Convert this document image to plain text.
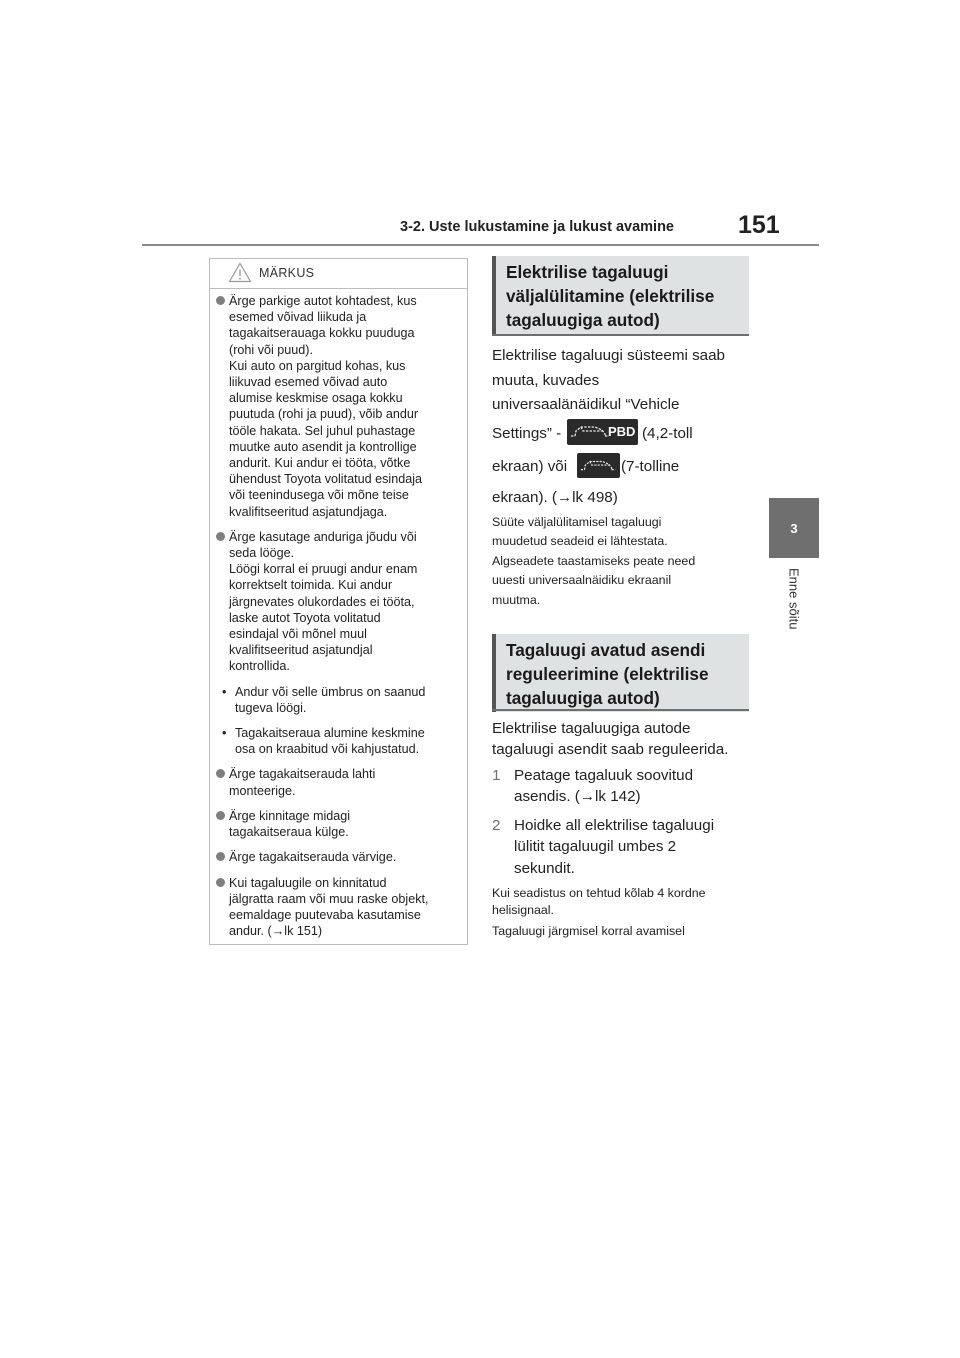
3-2. Uste lukustamine ja lukust avamine	151
3
Enne sõitu
MÄRKUS
Ärge parkige autot kohtadest, kus
esemed võivad liikuda ja
tagakaitserauaga kokku puuduga
(rohi või puud).
Kui auto on pargitud kohas, kus
liikuvad esemed võivad auto
alumise keskmise osaga kokku
puutuda (rohi ja puud), võib andur
tööle hakata. Sel juhul puhastage
muutke auto asendit ja kontrollige
andurit. Kui andur ei tööta, võtke
ühendust Toyota volitatud esindaja
või teenindusega või mõne teise
kvalifitseeritud asjatundjaga.
Ärge kasutage anduriga jõudu või
seda lööge.
Löögi korral ei pruugi andur enam
korrektselt toimida. Kui andur
järgnevates olukordades ei tööta,
laske autot Toyota volitatud
esindajal või mõnel muul
kvalifitseeritud asjatundjal
kontrollida.
• Andur või selle ümbrus on saanud
tugeva löögi.
• Tagakaitseraua alumine keskmine
osa on kraabitud või kahjustatud.
Ärge tagakaitserauda lahti
monteerige.
Ärge kinnitage midagi
tagakaitseraua külge.
Ärge tagakaitserauda värvige.
Kui tagaluugile on kinnitatud
jälgratta raam või muu raske objekt,
eemaldage puutevaba kasutamise
andur. (→lk 151)
Elektrilise tagaluugi
väljalülitamine (elektrilise
tagaluugiga autod)
Elektrilise tagaluugi süsteemi saab
muuta, kuvades
universaalänäidikul “Vehicle
Settings” -	PBD (4,2-toll
ekraan) või	(7-tolline
ekraan). (→lk 498)
Süüte väljalülitamisel tagaluugi
muudetud seadeid ei lähtestata.
Algseadete taastamiseks peate need
uuesti universaalnäidiku ekraanil
muutma.
Tagaluugi avatud asendi
reguleerimine (elektrilise
tagaluugiga autod)
Elektrilise tagaluugiga autode
tagaluugi asendit saab reguleerida.
1 Peatage tagaluuk soovitud
asendis. (→lk 142)
2 Hoidke all elektrilise tagaluugi
lülitit tagaluugil umbes 2
sekundit.
Kui seadistus on tehtud kõlab 4 kordne
helisignaal.
Tagaluugi järgmisel korral avamisel
